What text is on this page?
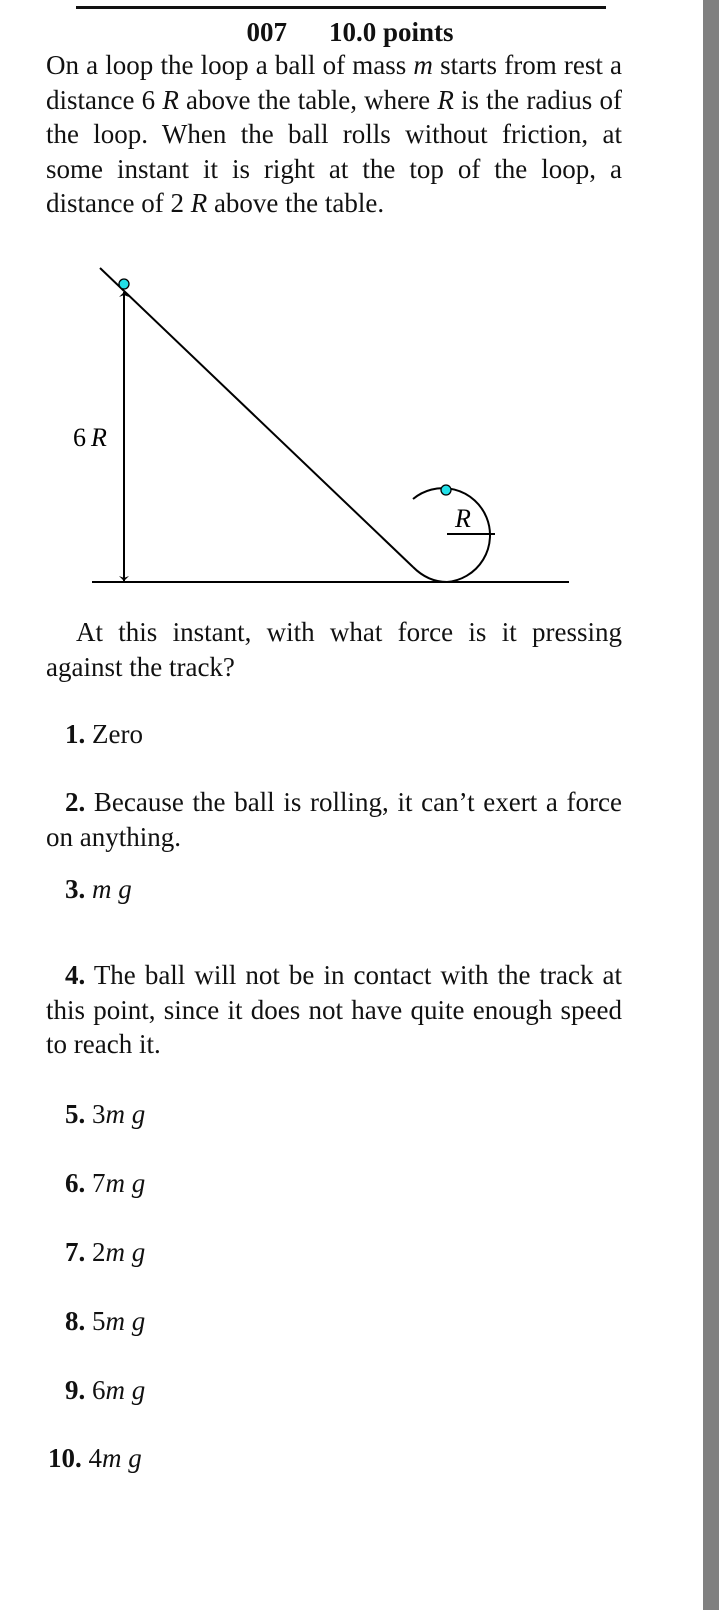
007 10.0 points
On a loop the loop a ball of mass m starts from rest a distance 6 R above the table, where R is the radius of the loop. When the ball rolls without friction, at some instant it is right at the top of the loop, a distance of 2 R above the table.
6 R
R
At this instant, with what force is it pressing against the track?
1. Zero
2. Because the ball is rolling, it can’t exert a force on anything.
3. m g
4. The ball will not be in contact with the track at this point, since it does not have quite enough speed to reach it.
5. 3m g
6. 7m g
7. 2m g
8. 5m g
9. 6m g
10. 4m g
